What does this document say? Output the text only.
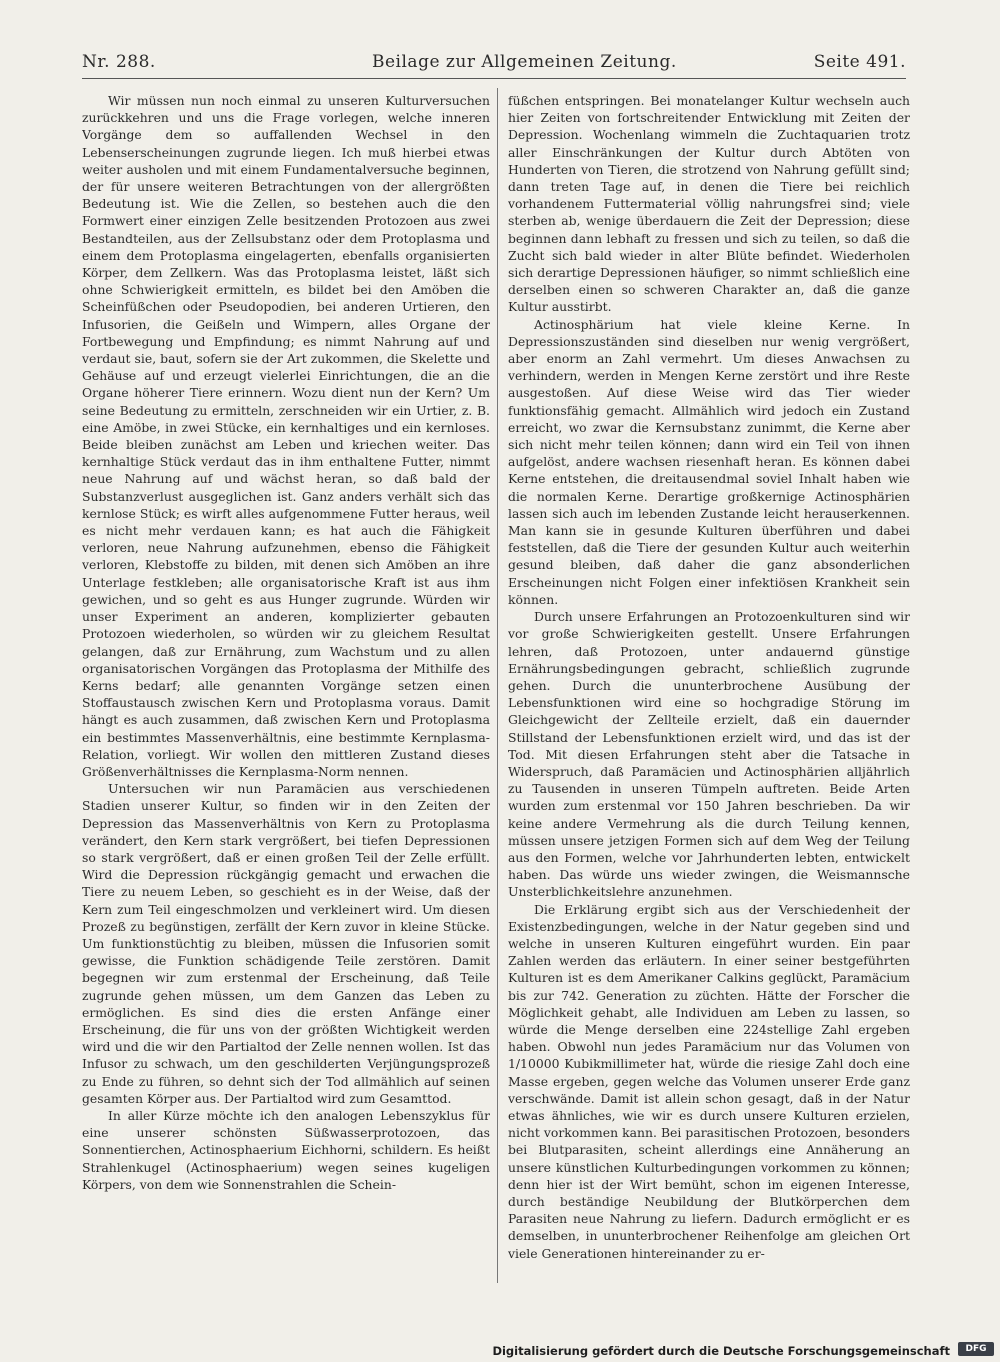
Nr. 288.	Beilage zur Allgemeinen Zeitung.	Seite 491.

Wir müssen nun noch einmal zu unseren Kulturversuchen zurückkehren und uns die Frage vorlegen, welche inneren Vorgänge dem so auffallenden Wechsel in den Lebenserscheinungen zugrunde liegen. Ich muß hierbei etwas weiter ausholen und mit einem Fundamentalversuche beginnen, der für unsere weiteren Betrachtungen von der allergrößten Bedeutung ist. Wie die Zellen, so bestehen auch die den Formwert einer einzigen Zelle besitzenden Protozoen aus zwei Bestandteilen, aus der Zellsubstanz oder dem Protoplasma und einem dem Protoplasma eingelagerten, ebenfalls organisierten Körper, dem Zellkern. Was das Protoplasma leistet, läßt sich ohne Schwierigkeit ermitteln, es bildet bei den Amöben die Scheinfüßchen oder Pseudopodien, bei anderen Urtieren, den Infusorien, die Geißeln und Wimpern, alles Organe der Fortbewegung und Empfindung; es nimmt Nahrung auf und verdaut sie, baut, sofern sie der Art zukommen, die Skelette und Gehäuse auf und erzeugt vielerlei Einrichtungen, die an die Organe höherer Tiere erinnern. Wozu dient nun der Kern? Um seine Bedeutung zu ermitteln, zerschneiden wir ein Urtier, z. B. eine Amöbe, in zwei Stücke, ein kernhaltiges und ein kernloses. Beide bleiben zunächst am Leben und kriechen weiter. Das kernhaltige Stück verdaut das in ihm enthaltene Futter, nimmt neue Nahrung auf und wächst heran, so daß bald der Substanzverlust ausgeglichen ist. Ganz anders verhält sich das kernlose Stück; es wirft alles aufgenommene Futter heraus, weil es nicht mehr verdauen kann; es hat auch die Fähigkeit verloren, neue Nahrung aufzunehmen, ebenso die Fähigkeit verloren, Klebstoffe zu bilden, mit denen sich Amöben an ihre Unterlage festkleben; alle organisatorische Kraft ist aus ihm gewichen, und so geht es aus Hunger zugrunde. Würden wir unser Experiment an anderen, komplizierter gebauten Protozoen wiederholen, so würden wir zu gleichem Resultat gelangen, daß zur Ernährung, zum Wachstum und zu allen organisatorischen Vorgängen das Protoplasma der Mithilfe des Kerns bedarf; alle genannten Vorgänge setzen einen Stoffaustausch zwischen Kern und Protoplasma voraus. Damit hängt es auch zusammen, daß zwischen Kern und Protoplasma ein bestimmtes Massenverhältnis, eine bestimmte Kernplasma-Relation, vorliegt. Wir wollen den mittleren Zustand dieses Größenverhältnisses die Kernplasma-Norm nennen.

Untersuchen wir nun Paramäcien aus verschiedenen Stadien unserer Kultur, so finden wir in den Zeiten der Depression das Massenverhältnis von Kern zu Protoplasma verändert, den Kern stark vergrößert, bei tiefen Depressionen so stark vergrößert, daß er einen großen Teil der Zelle erfüllt. Wird die Depression rückgängig gemacht und erwachen die Tiere zu neuem Leben, so geschieht es in der Weise, daß der Kern zum Teil eingeschmolzen und verkleinert wird. Um diesen Prozeß zu begünstigen, zerfällt der Kern zuvor in kleine Stücke. Um funktionstüchtig zu bleiben, müssen die Infusorien somit gewisse, die Funktion schädigende Teile zerstören. Damit begegnen wir zum erstenmal der Erscheinung, daß Teile zugrunde gehen müssen, um dem Ganzen das Leben zu ermöglichen. Es sind dies die ersten Anfänge einer Erscheinung, die für uns von der größten Wichtigkeit werden wird und die wir den Partialtod der Zelle nennen wollen. Ist das Infusor zu schwach, um den geschilderten Verjüngungsprozeß zu Ende zu führen, so dehnt sich der Tod allmählich auf seinen gesamten Körper aus. Der Partialtod wird zum Gesamttod.

In aller Kürze möchte ich den analogen Lebenszyklus für eine unserer schönsten Süßwasserprotozoen, das Sonnentierchen, Actinosphaerium Eichhorni, schildern. Es heißt Strahlenkugel (Actinosphaerium) wegen seines kugeligen Körpers, von dem wie Sonnenstrahlen die Schein-

füßchen entspringen. Bei monatelanger Kultur wechseln auch hier Zeiten von fortschreitender Entwicklung mit Zeiten der Depression. Wochenlang wimmeln die Zuchtaquarien trotz aller Einschränkungen der Kultur durch Abtöten von Hunderten von Tieren, die strotzend von Nahrung gefüllt sind; dann treten Tage auf, in denen die Tiere bei reichlich vorhandenem Futtermaterial völlig nahrungsfrei sind; viele sterben ab, wenige überdauern die Zeit der Depression; diese beginnen dann lebhaft zu fressen und sich zu teilen, so daß die Zucht sich bald wieder in alter Blüte befindet. Wiederholen sich derartige Depressionen häufiger, so nimmt schließlich eine derselben einen so schweren Charakter an, daß die ganze Kultur ausstirbt.

Actinosphärium hat viele kleine Kerne. In Depressionszuständen sind dieselben nur wenig vergrößert, aber enorm an Zahl vermehrt. Um dieses Anwachsen zu verhindern, werden in Mengen Kerne zerstört und ihre Reste ausgestoßen. Auf diese Weise wird das Tier wieder funktionsfähig gemacht. Allmählich wird jedoch ein Zustand erreicht, wo zwar die Kernsubstanz zunimmt, die Kerne aber sich nicht mehr teilen können; dann wird ein Teil von ihnen aufgelöst, andere wachsen riesenhaft heran. Es können dabei Kerne entstehen, die dreitausendmal soviel Inhalt haben wie die normalen Kerne. Derartige großkernige Actinosphärien lassen sich auch im lebenden Zustande leicht herauserkennen. Man kann sie in gesunde Kulturen überführen und dabei feststellen, daß die Tiere der gesunden Kultur auch weiterhin gesund bleiben, daß daher die ganz absonderlichen Erscheinungen nicht Folgen einer infektiösen Krankheit sein können.

Durch unsere Erfahrungen an Protozoenkulturen sind wir vor große Schwierigkeiten gestellt. Unsere Erfahrungen lehren, daß Protozoen, unter andauernd günstige Ernährungsbedingungen gebracht, schließlich zugrunde gehen. Durch die ununterbrochene Ausübung der Lebensfunktionen wird eine so hochgradige Störung im Gleichgewicht der Zellteile erzielt, daß ein dauernder Stillstand der Lebensfunktionen erzielt wird, und das ist der Tod. Mit diesen Erfahrungen steht aber die Tatsache in Widerspruch, daß Paramäcien und Actinosphärien alljährlich zu Tausenden in unseren Tümpeln auftreten. Beide Arten wurden zum erstenmal vor 150 Jahren beschrieben. Da wir keine andere Vermehrung als die durch Teilung kennen, müssen unsere jetzigen Formen sich auf dem Weg der Teilung aus den Formen, welche vor Jahrhunderten lebten, entwickelt haben. Das würde uns wieder zwingen, die Weismannsche Unsterblichkeitslehre anzunehmen.

Die Erklärung ergibt sich aus der Verschiedenheit der Existenzbedingungen, welche in der Natur gegeben sind und welche in unseren Kulturen eingeführt wurden. Ein paar Zahlen werden das erläutern. In einer seiner bestgeführten Kulturen ist es dem Amerikaner Calkins geglückt, Paramäcium bis zur 742. Generation zu züchten. Hätte der Forscher die Möglichkeit gehabt, alle Individuen am Leben zu lassen, so würde die Menge derselben eine 224stellige Zahl ergeben haben. Obwohl nun jedes Paramäcium nur das Volumen von 1/10000 Kubikmillimeter hat, würde die riesige Zahl doch eine Masse ergeben, gegen welche das Volumen unserer Erde ganz verschwände. Damit ist allein schon gesagt, daß in der Natur etwas ähnliches, wie wir es durch unsere Kulturen erzielen, nicht vorkommen kann. Bei parasitischen Protozoen, besonders bei Blutparasiten, scheint allerdings eine Annäherung an unsere künstlichen Kulturbedingungen vorkommen zu können; denn hier ist der Wirt bemüht, schon im eigenen Interesse, durch beständige Neubildung der Blutkörperchen dem Parasiten neue Nahrung zu liefern. Dadurch ermöglicht er es demselben, in ununterbrochener Reihenfolge am gleichen Ort viele Generationen hintereinander zu er-

Digitalisierung gefördert durch die Deutsche Forschungsgemeinschaft	DFG
